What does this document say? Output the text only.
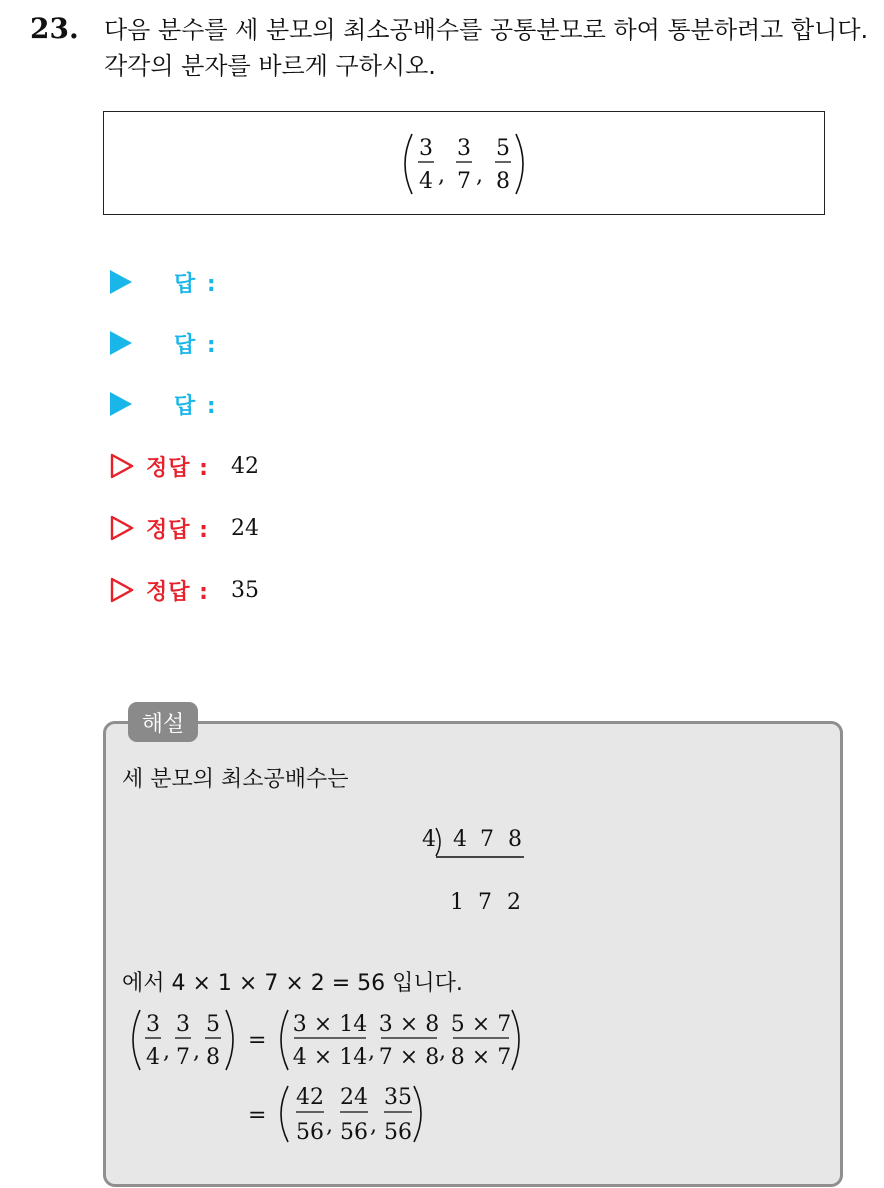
23. 다음 분수를 세 분모의 최소공배수를 공통분모로 하여 통분하려고 합니다. 각각의 분자를 바르게 구하시오.
3
4 ,
3
7 ,
5
8
답 :
답 :
답 :
정답 : 42
정답 : 24
정답 : 35
해설
세 분모의 최소공배수는
에서 4 × 1 × 7 × 2 = 56 입니다.
4 4 7 8
1 7 2
3
4 ,
3
7 ,
5
8
=
3 × 14
4 × 14 ,
3 × 8
7 × 8 ,
5 × 7
8 × 7
=
42
56 ,
24
56 ,
35
56
